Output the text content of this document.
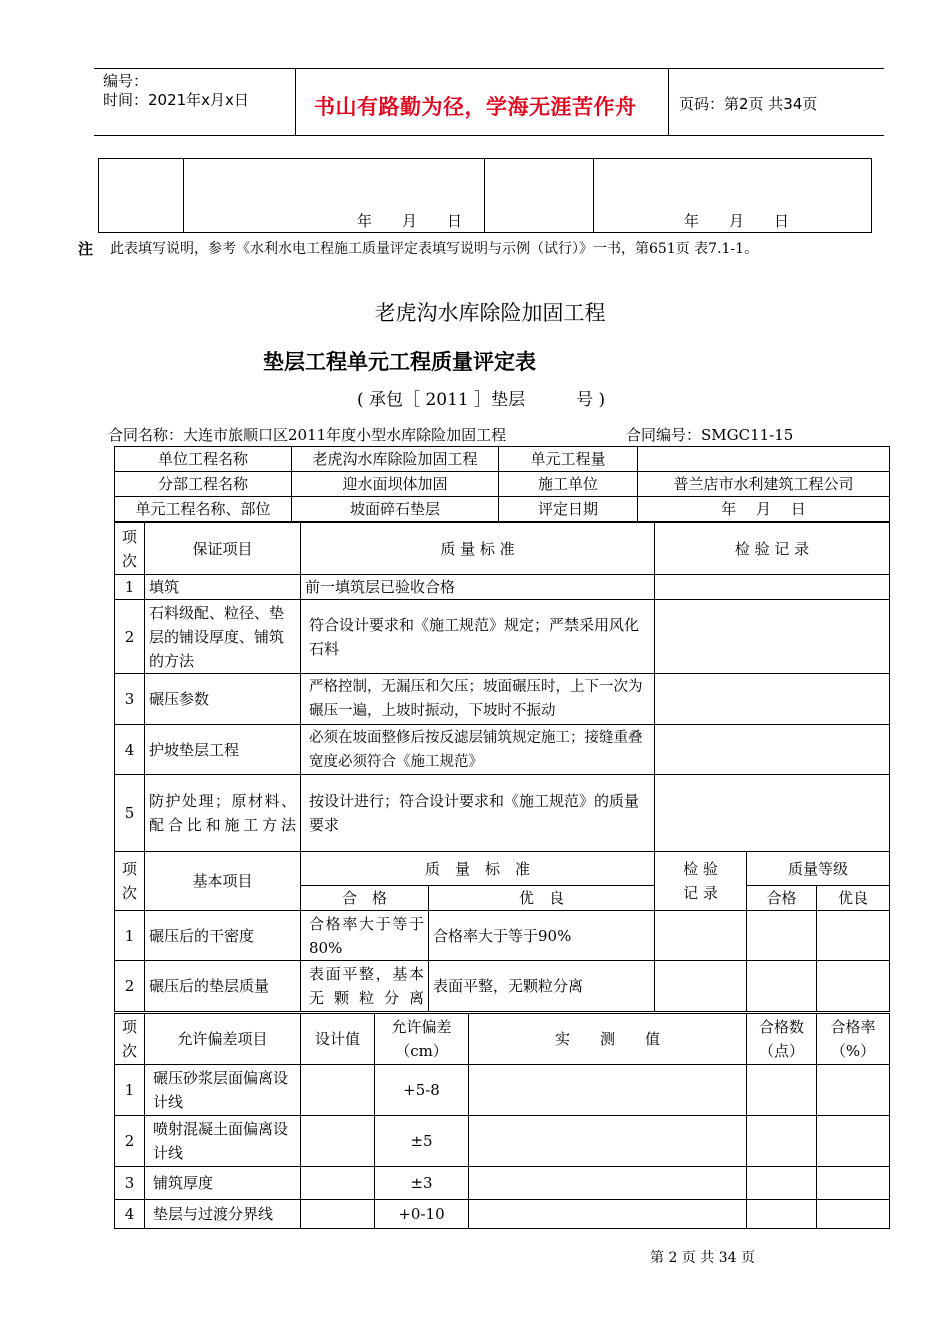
编号：
时间：2021年x月x日	书山有路勤为径，学海无涯苦作舟	页码：第2页 共34页
	年　　月　　日		年　　月　　日
注 此表填写说明，参考《水利水电工程施工质量评定表填写说明与示例（试行）》一书，第651页 表7.1-1。
老虎沟水库除险加固工程
垫层工程单元工程质量评定表
( 承包［ 2011 ］垫层　　　号 )
合同名称：大连市旅顺口区2011年度小型水库除险加固工程	合同编号：SMGC11-15
单位工程名称	老虎沟水库除险加固工程	单元工程量	
分部工程名称	迎水面坝体加固	施工单位	普兰店市水利建筑工程公司
单元工程名称、部位	坡面碎石垫层	评定日期	年　 月　 日
项次	保证项目	质 量 标 准	检 验 记 录
1	填筑	前一填筑层已验收合格	
2	石料级配、粒径、垫层的铺设厚度、铺筑的方法	符合设计要求和《施工规范》规定；严禁采用风化石料	
3	碾压参数	严格控制，无漏压和欠压；坡面碾压时，上下一次为碾压一遍，上坡时振动，下坡时不振动	
4	护坡垫层工程	必须在坡面整修后按反滤层铺筑规定施工；接缝重叠宽度必须符合《施工规范》	
5	防护处理；原材料、配合比和施工方法	按设计进行；符合设计要求和《施工规范》的质量要求	
项次	基本项目	质　量　标　准		检 验 记 录	质量等级	
		合　格	优　良		合格	优良
1	碾压后的干密度	合格率大于等于80%	合格率大于等于90%			
2	碾压后的垫层质量	表面平整，基本无颗粒分离	表面平整，无颗粒分离			
项次	允许偏差项目	设计值	允许偏差（cm）	实　　测　　值	合格数（点）	合格率（%）
1	碾压砂浆层面偏离设计线		+5-8			
2	喷射混凝土面偏离设计线		±5			
3	铺筑厚度		±3			
4	垫层与过渡分界线		+0-10			
第 2 页 共 34 页
